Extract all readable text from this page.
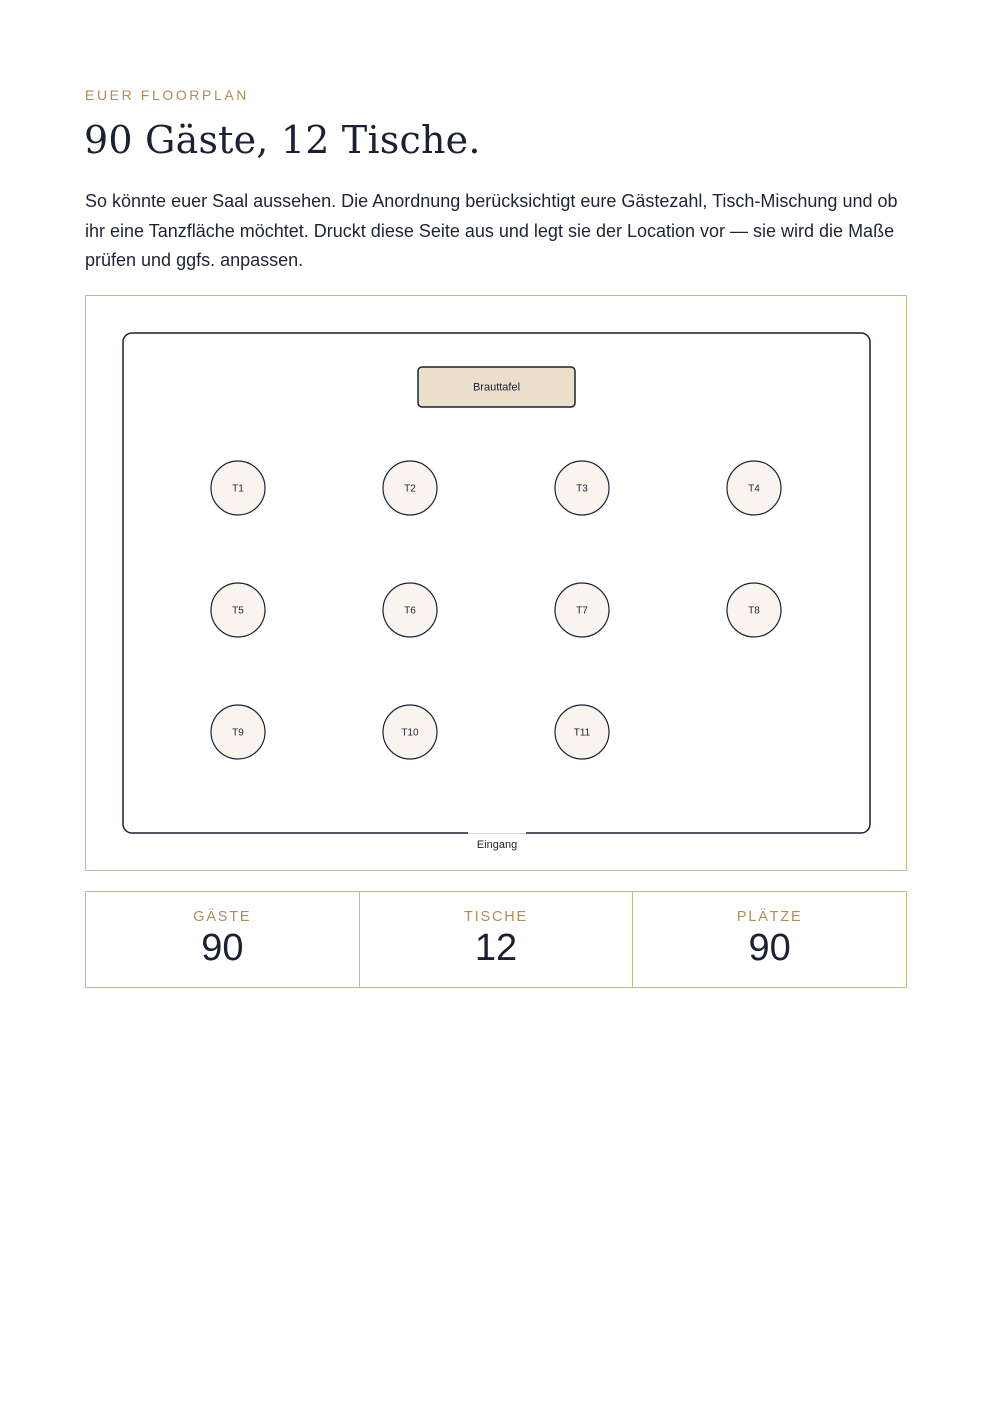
EUER FLOORPLAN
90 Gäste, 12 Tische.

So könnte euer Saal aussehen. Die Anordnung berücksichtigt eure Gästezahl, Tisch-Mischung und ob ihr eine Tanzfläche möchtet. Druckt diese Seite aus und legt sie der Location vor — sie wird die Maße prüfen und ggfs. anpassen.

Eingang
Brauttafel
T1	T2	T3	T4
T5	T6	T7	T8
T9	T10	T11
GÄSTE
90
TISCHE
12
PLÄTZE
90
